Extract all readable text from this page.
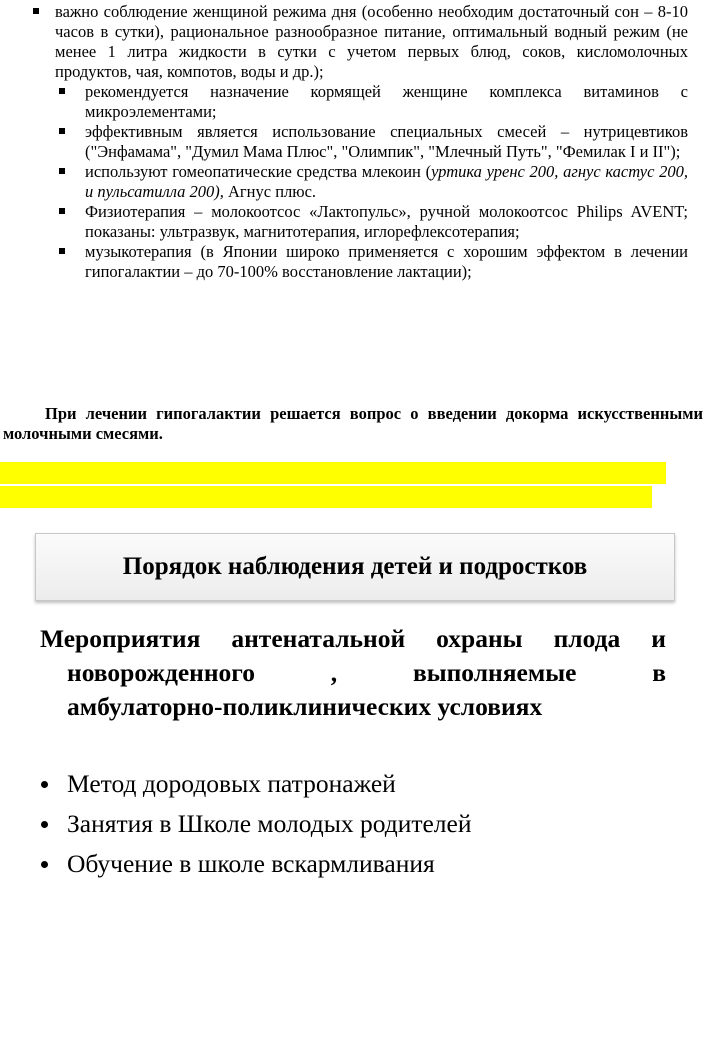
важно соблюдение женщиной режима дня (особенно необходим достаточный сон – 8-10 часов в сутки), рациональное разнообразное питание, оптимальный водный режим (не менее 1 литра жидкости в сутки с учетом первых блюд, соков, кисломолочных продуктов, чая, компотов, воды и др.);
рекомендуется назначение кормящей женщине комплекса витаминов с микроэлементами;
эффективным является использование специальных смесей – нутрицевтиков ("Энфамама", "Думил Мама Плюс", "Олимпик", "Млечный Путь", "Фемилак I и II");
используют гомеопатические средства млекоин (уртика уренс 200, агнус кастус 200, и пульсатилла 200), Агнус плюс.
Физиотерапия – молокоотсос «Лактопульс», ручной молокоотсос Philips AVENT; показаны: ультразвук, магнитотерапия, иглорефлексотерапия;
музыкотерапия (в Японии широко применяется с хорошим эффектом в лечении гипогалактии – до 70-100% восстановление лактации);

При лечении гипогалактии решается вопрос о введении докорма искусственными молочными смесями.

Порядок наблюдения детей и подростков
Мероприятия антенатальной охраны плода и
новорожденного	,	выполняемые	в
амбулаторно-поликлинических условиях
Метод дородовых патронажей
Занятия в Школе молодых родителей
Обучение в школе вскармливания
